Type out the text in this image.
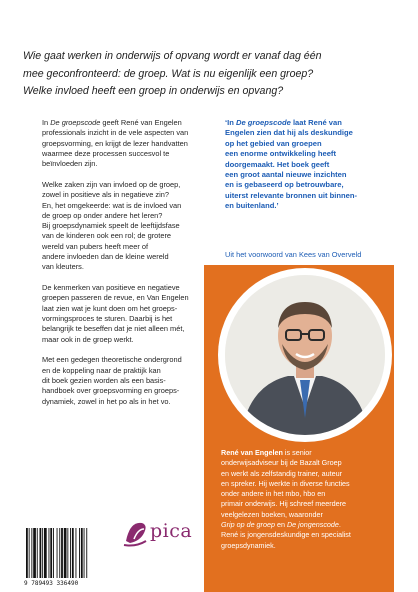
Wie gaat werken in onderwijs of opvang wordt er vanaf dag één
mee geconfronteerd: de groep. Wat is nu eigenlijk een groep?
Welke invloed heeft een groep in onderwijs en opvang?

In De groepscode geeft René van Engelen
professionals inzicht in de vele aspecten van
groepsvorming, en krijgt de lezer handvatten
waarmee deze processen succesvol te
beïnvloeden zijn.

Welke zaken zijn van invloed op de groep,
zowel in positieve als in negatieve zin?
En, het omgekeerde: wat is de invloed van
de groep op onder andere het leren?
Bij groepsdynamiek speelt de leeftijdsfase
van de kinderen ook een rol; de grotere
wereld van pubers heeft meer of
andere invloeden dan de kleine wereld
van kleuters.

De kenmerken van positieve en negatieve
groepen passeren de revue, en Van Engelen
laat zien wat je kunt doen om het groeps-
vormingsproces te sturen. Daarbij is het
belangrijk te beseffen dat je niet alleen mét,
maar ook in de groep werkt.

Met een gedegen theoretische ondergrond
en de koppeling naar de praktijk kan
dit boek gezien worden als een basis-
handboek over groepsvorming en groeps-
dynamiek, zowel in het po als in het vo.

‘In De groepscode laat René van
Engelen zien dat hij als deskundige
op het gebied van groepen
een enorme ontwikkeling heeft
doorgemaakt. Het boek geeft
een groot aantal nieuwe inzichten
en is gebaseerd op betrouwbare,
uiterst relevante bronnen uit binnen-
en buitenland.’
Uit het voorwoord van Kees van Overveld
René van Engelen is senior
onderwijsadviseur bij de Bazalt Groep
en werkt als zelfstandig trainer, auteur
en spreker. Hij werkte in diverse functies
onder andere in het mbo, hbo en
primair onderwijs. Hij schreef meerdere
veelgelezen boeken, waaronder
Grip op de groep en De jongenscode.
René is jongensdeskundige en specialist
groepsdynamiek.
9 789493 336490
pica
